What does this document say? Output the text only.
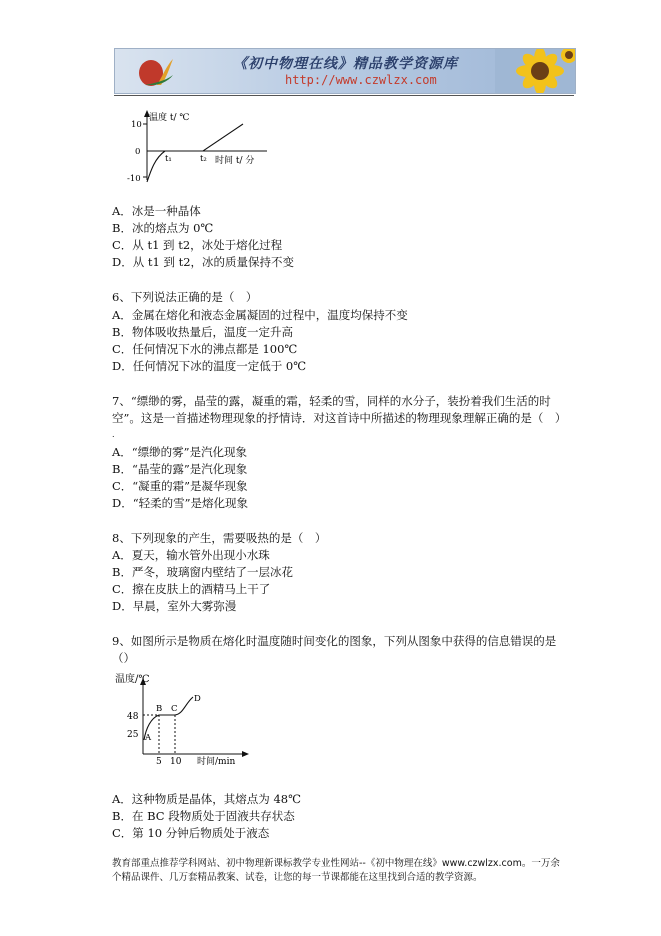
《初中物理在线》精品教学资源库
http://www.czwlzx.com
温度 t/ ℃
10
0
-10
t₁	t₂ 时间 t/ 分
A．冰是一种晶体
B．冰的熔点为 0℃
C．从 t1 到 t2，冰处于熔化过程
D．从 t1 到 t2，冰的质量保持不变
6、下列说法正确的是（　）
A．金属在熔化和液态金属凝固的过程中，温度均保持不变
B．物体吸收热量后，温度一定升高
C．任何情况下水的沸点都是 100℃
D．任何情况下冰的温度一定低于 0℃
7、“缥缈的雾，晶莹的露，凝重的霜，轻柔的雪，同样的水分子，装扮着我们生活的时
空”。这是一首描述物理现象的抒情诗．对这首诗中所描述的物理现象理解正确的是（　）
.
A．“缥缈的雾”是汽化现象
B．“晶莹的露”是汽化现象
C．“凝重的霜”是凝华现象
D．“轻柔的雪”是熔化现象
8、下列现象的产生，需要吸热的是（　）
A．夏天，输水管外出现小水珠
B．严冬，玻璃窗内壁结了一层冰花
C．擦在皮肤上的酒精马上干了
D．早晨，室外大雾弥漫
9、如图所示是物质在熔化时温度随时间变化的图象，下列从图象中获得的信息错误的是
（）
温度/℃
48
25
5 10
A
B C
D
时间/min
A．这种物质是晶体，其熔点为 48℃
B．在 BC 段物质处于固液共存状态
C．第 10 分钟后物质处于液态
教育部重点推荐学科网站、初中物理新课标教学专业性网站--《初中物理在线》www.czwlzx.com。一万余
个精品课件、几万套精品教案、试卷，让您的每一节课都能在这里找到合适的教学资源。
